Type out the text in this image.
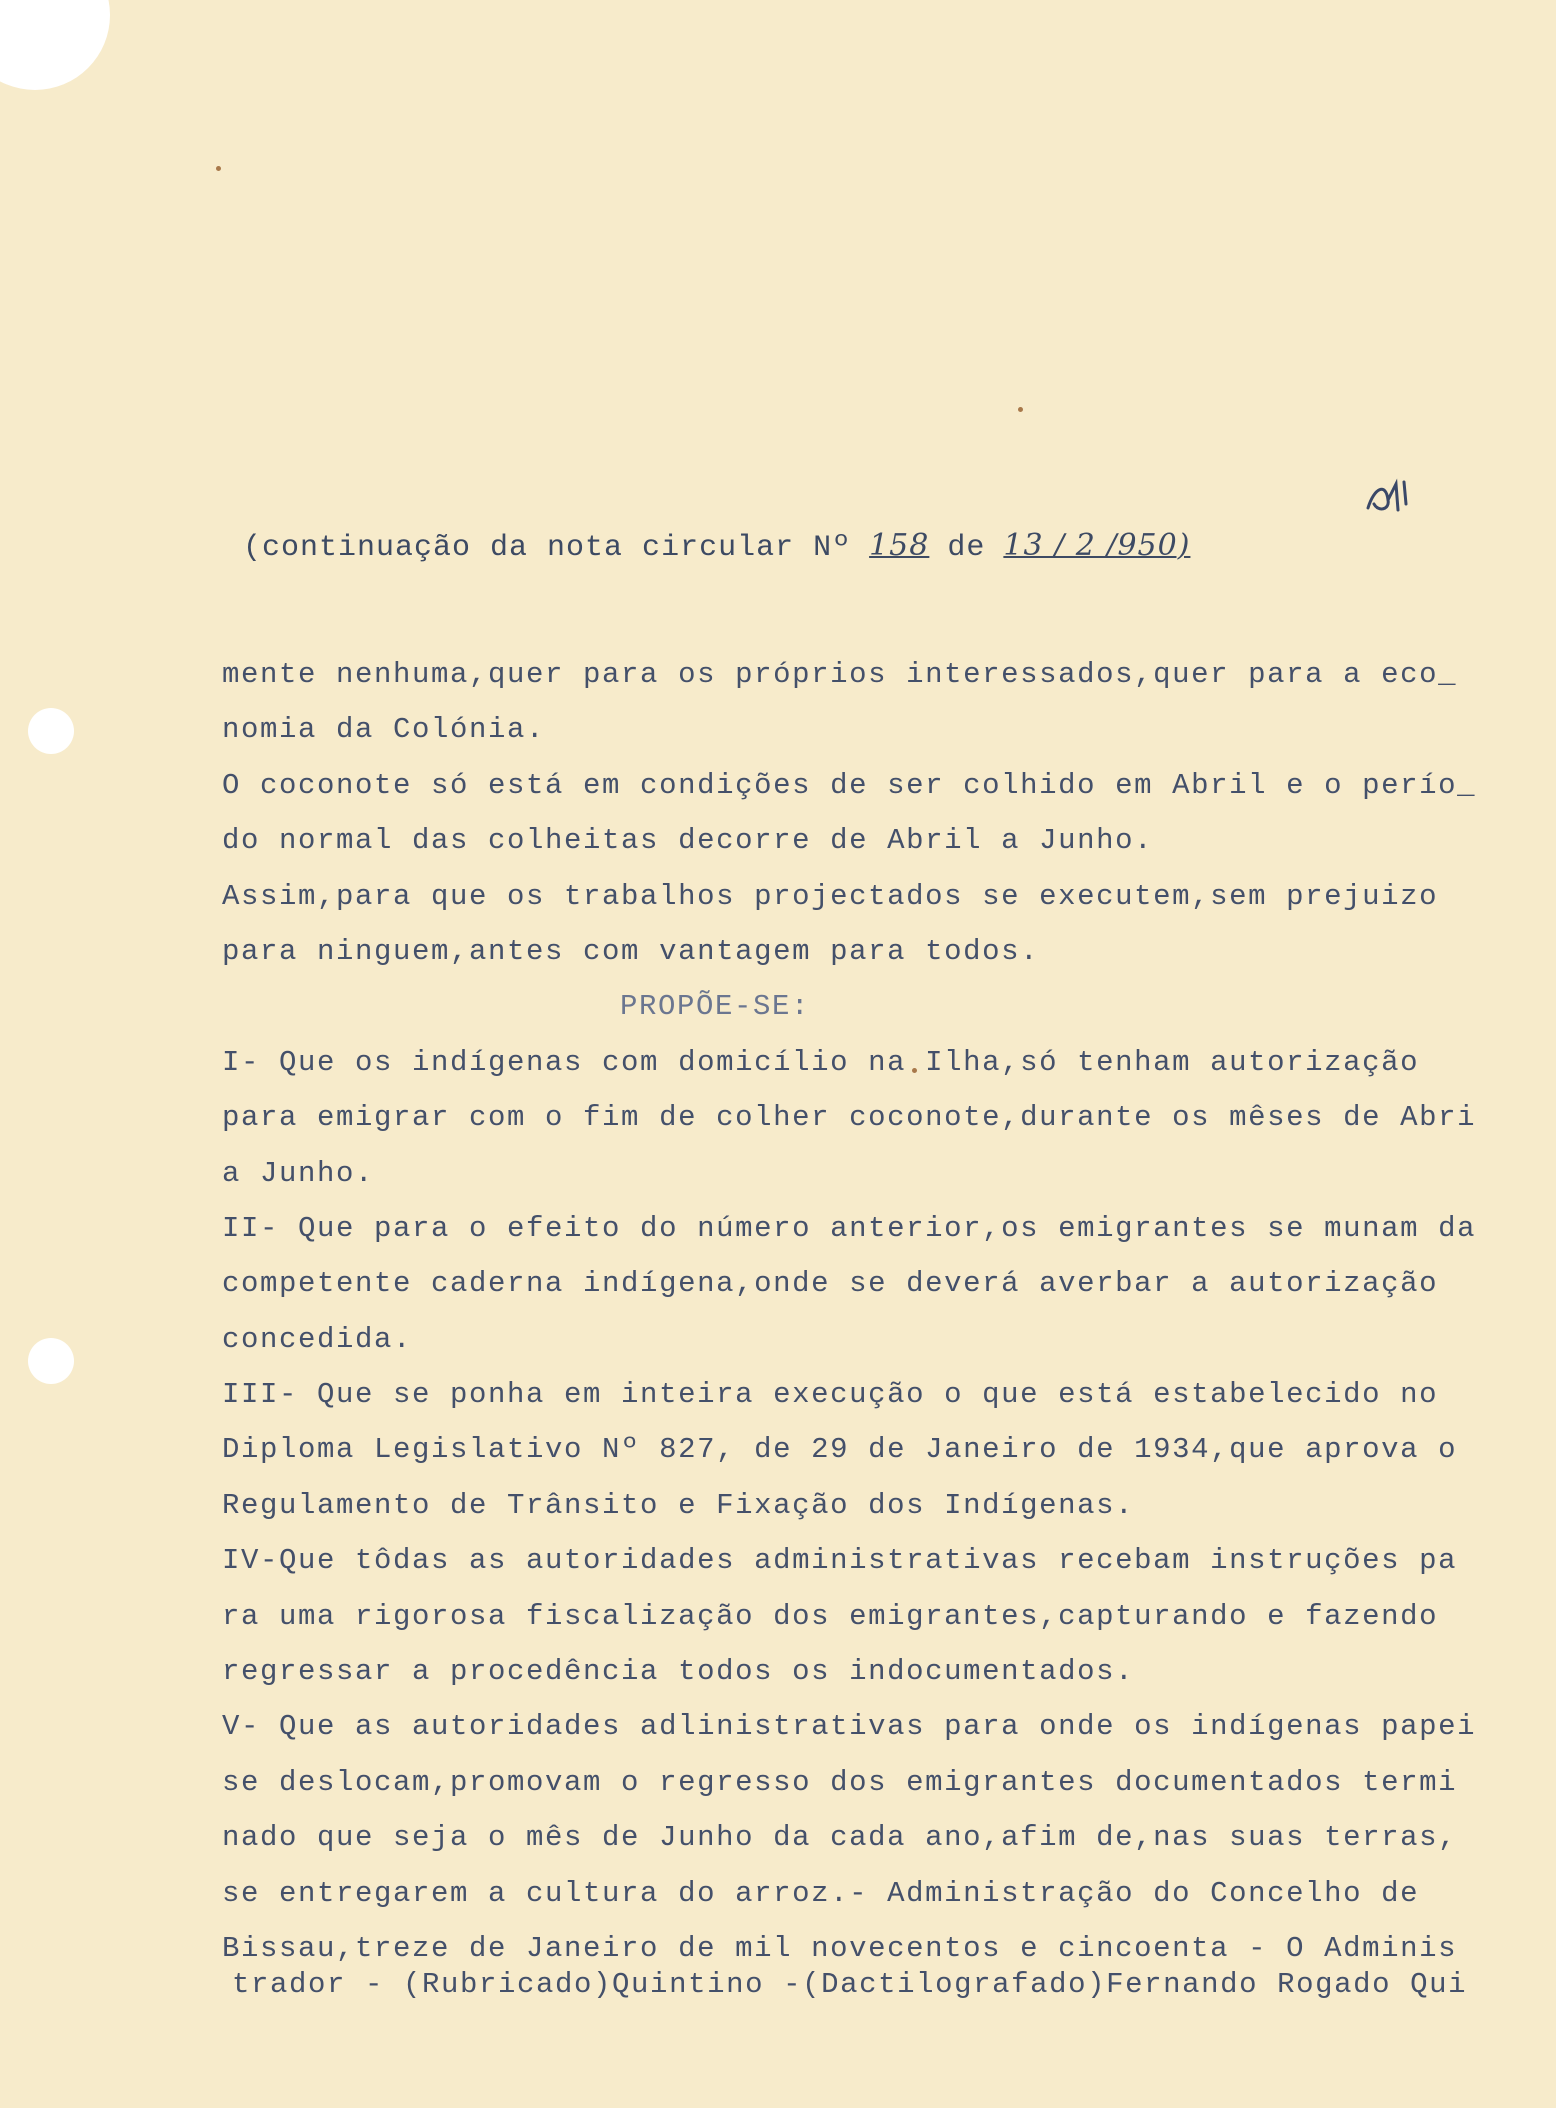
(continuação da nota circular Nº 158 de 13 / 2 /950)
mente nenhuma,quer para os próprios interessados,quer para a eco_
nomia da Colónia.
O coconote só está em condições de ser colhido em Abril e o perío_
do normal das colheitas decorre de Abril a Junho.
Assim,para que os trabalhos projectados se executem,sem prejuizo
para ninguem,antes com vantagem para todos.
PROPÕE-SE:
I- Que os indígenas com domicílio na Ilha,só tenham autorização
para emigrar com o fim de colher coconote,durante os mêses de Abri
a Junho.
II- Que para o efeito do número anterior,os emigrantes se munam da
competente caderna indígena,onde se deverá averbar a autorização
concedida.
III- Que se ponha em inteira execução o que está estabelecido no
Diploma Legislativo Nº 827, de 29 de Janeiro de 1934,que aprova o
Regulamento de Trânsito e Fixação dos Indígenas.
IV-Que tôdas as autoridades administrativas recebam instruções pa
ra uma rigorosa fiscalização dos emigrantes,capturando e fazendo
regressar a procedência todos os indocumentados.
V- Que as autoridades adlinistrativas para onde os indígenas papei
se deslocam,promovam o regresso dos emigrantes documentados termi
nado que seja o mês de Junho da cada ano,afim de,nas suas terras,
se entregarem a cultura do arroz.- Administração do Concelho de
Bissau,treze de Janeiro de mil novecentos e cincoenta - O Adminis
trador - (Rubricado)Quintino -(Dactilografado)Fernando Rogado Qui
